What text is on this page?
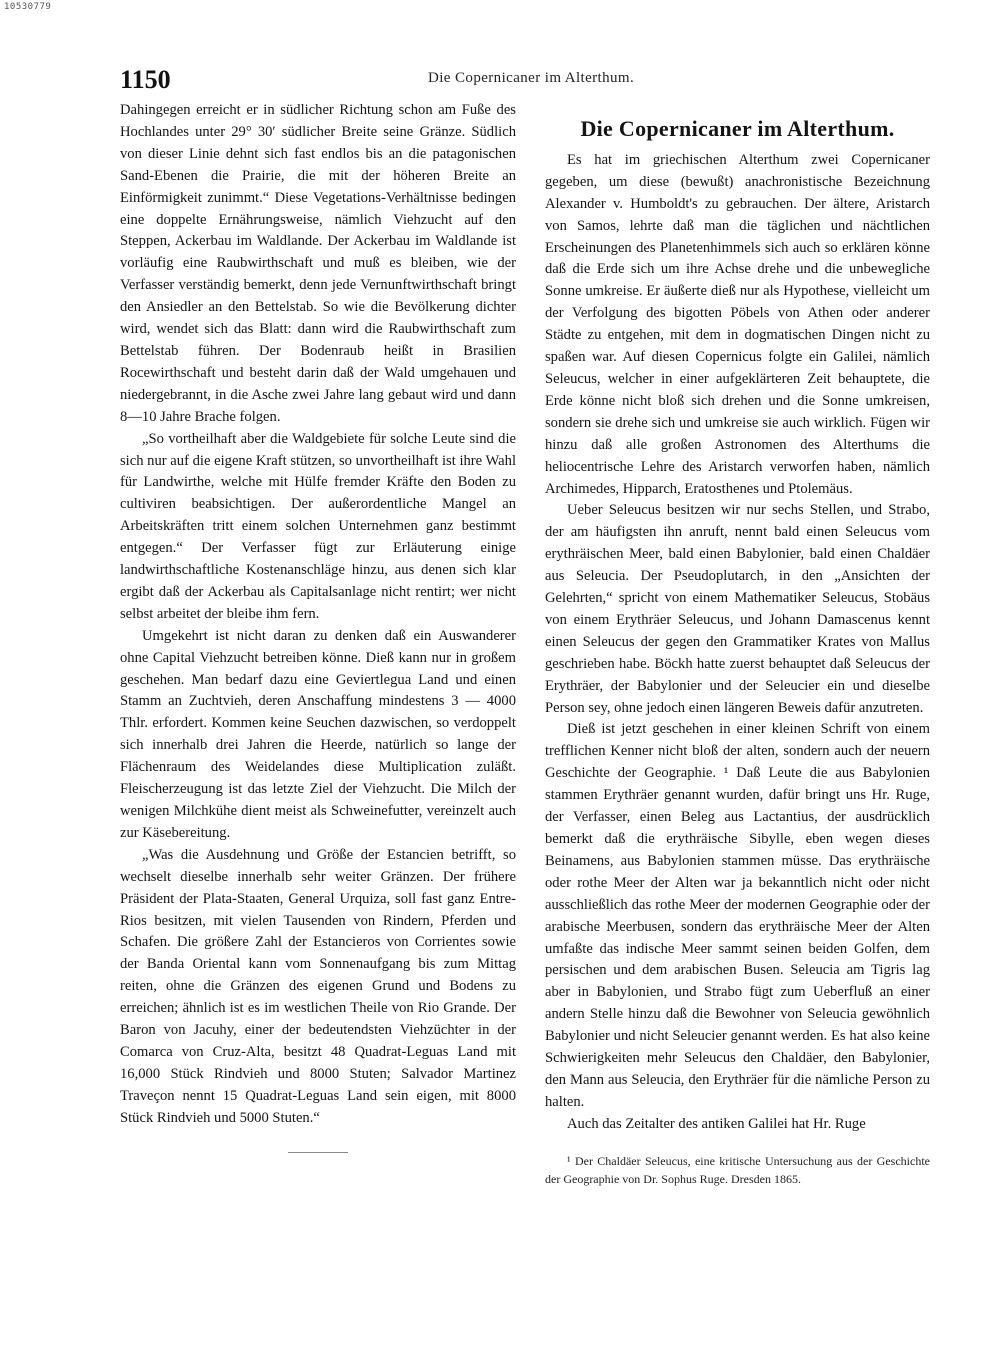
10530779
1150	Die Copernicaner im Alterthum.

Dahingegen erreicht er in südlicher Richtung schon am Fuße des Hochlandes unter 29° 30′ südlicher Breite seine Gränze. Südlich von dieser Linie dehnt sich fast endlos bis an die patagonischen Sand-Ebenen die Prairie, die mit der höheren Breite an Einförmigkeit zunimmt.“ Diese Vegetations-Verhältnisse bedingen eine doppelte Ernährungsweise, nämlich Viehzucht auf den Steppen, Ackerbau im Waldlande. Der Ackerbau im Waldlande ist vorläufig eine Raubwirthschaft und muß es bleiben, wie der Verfasser verständig bemerkt, denn jede Vernunftwirthschaft bringt den Ansiedler an den Bettelstab. So wie die Bevölkerung dichter wird, wendet sich das Blatt: dann wird die Raubwirthschaft zum Bettelstab führen. Der Bodenraub heißt in Brasilien Rocewirthschaft und besteht darin daß der Wald umgehauen und niedergebrannt, in die Asche zwei Jahre lang gebaut wird und dann 8—10 Jahre Brache folgen.

„So vortheilhaft aber die Waldgebiete für solche Leute sind die sich nur auf die eigene Kraft stützen, so unvortheilhaft ist ihre Wahl für Landwirthe, welche mit Hülfe fremder Kräfte den Boden zu cultiviren beabsichtigen. Der außerordentliche Mangel an Arbeitskräften tritt einem solchen Unternehmen ganz bestimmt entgegen.“ Der Verfasser fügt zur Erläuterung einige landwirthschaftliche Kostenanschläge hinzu, aus denen sich klar ergibt daß der Ackerbau als Capitalsanlage nicht rentirt; wer nicht selbst arbeitet der bleibe ihm fern.

Umgekehrt ist nicht daran zu denken daß ein Auswanderer ohne Capital Viehzucht betreiben könne. Dieß kann nur in großem geschehen. Man bedarf dazu eine Geviertlegua Land und einen Stamm an Zuchtvieh, deren Anschaffung mindestens 3 — 4000 Thlr. erfordert. Kommen keine Seuchen dazwischen, so verdoppelt sich innerhalb drei Jahren die Heerde, natürlich so lange der Flächenraum des Weidelandes diese Multiplication zuläßt. Fleischerzeugung ist das letzte Ziel der Viehzucht. Die Milch der wenigen Milchkühe dient meist als Schweinefutter, vereinzelt auch zur Käsebereitung.

„Was die Ausdehnung und Größe der Estancien betrifft, so wechselt dieselbe innerhalb sehr weiter Gränzen. Der frühere Präsident der Plata-Staaten, General Urquiza, soll fast ganz Entre-Rios besitzen, mit vielen Tausenden von Rindern, Pferden und Schafen. Die größere Zahl der Estancieros von Corrientes sowie der Banda Oriental kann vom Sonnenaufgang bis zum Mittag reiten, ohne die Gränzen des eigenen Grund und Bodens zu erreichen; ähnlich ist es im westlichen Theile von Rio Grande. Der Baron von Jacuhy, einer der bedeutendsten Viehzüchter in der Comarca von Cruz-Alta, besitzt 48 Quadrat-Leguas Land mit 16,000 Stück Rindvieh und 8000 Stuten; Salvador Martinez Traveçon nennt 15 Quadrat-Leguas Land sein eigen, mit 8000 Stück Rindvieh und 5000 Stuten.“

Die Copernicaner im Alterthum.

Es hat im griechischen Alterthum zwei Copernicaner gegeben, um diese (bewußt) anachronistische Bezeichnung Alexander v. Humboldt's zu gebrauchen. Der ältere, Aristarch von Samos, lehrte daß man die täglichen und nächtlichen Erscheinungen des Planetenhimmels sich auch so erklären könne daß die Erde sich um ihre Achse drehe und die unbewegliche Sonne umkreise. Er äußerte dieß nur als Hypothese, vielleicht um der Verfolgung des bigotten Pöbels von Athen oder anderer Städte zu entgehen, mit dem in dogmatischen Dingen nicht zu spaßen war. Auf diesen Copernicus folgte ein Galilei, nämlich Seleucus, welcher in einer aufgeklärteren Zeit behauptete, die Erde könne nicht bloß sich drehen und die Sonne umkreisen, sondern sie drehe sich und umkreise sie auch wirklich. Fügen wir hinzu daß alle großen Astronomen des Alterthums die heliocentrische Lehre des Aristarch verworfen haben, nämlich Archimedes, Hipparch, Eratosthenes und Ptolemäus.

Ueber Seleucus besitzen wir nur sechs Stellen, und Strabo, der am häufigsten ihn anruft, nennt bald einen Seleucus vom erythräischen Meer, bald einen Babylonier, bald einen Chaldäer aus Seleucia. Der Pseudoplutarch, in den „Ansichten der Gelehrten,“ spricht von einem Mathematiker Seleucus, Stobäus von einem Erythräer Seleucus, und Johann Damascenus kennt einen Seleucus der gegen den Grammatiker Krates von Mallus geschrieben habe. Böckh hatte zuerst behauptet daß Seleucus der Erythräer, der Babylonier und der Seleucier ein und dieselbe Person sey, ohne jedoch einen längeren Beweis dafür anzutreten.

Dieß ist jetzt geschehen in einer kleinen Schrift von einem trefflichen Kenner nicht bloß der alten, sondern auch der neuern Geschichte der Geographie. ¹ Daß Leute die aus Babylonien stammen Erythräer genannt wurden, dafür bringt uns Hr. Ruge, der Verfasser, einen Beleg aus Lactantius, der ausdrücklich bemerkt daß die erythräische Sibylle, eben wegen dieses Beinamens, aus Babylonien stammen müsse. Das erythräische oder rothe Meer der Alten war ja bekanntlich nicht oder nicht ausschließlich das rothe Meer der modernen Geographie oder der arabische Meerbusen, sondern das erythräische Meer der Alten umfaßte das indische Meer sammt seinen beiden Golfen, dem persischen und dem arabischen Busen. Seleucia am Tigris lag aber in Babylonien, und Strabo fügt zum Ueberfluß an einer andern Stelle hinzu daß die Bewohner von Seleucia gewöhnlich Babylonier und nicht Seleucier genannt werden. Es hat also keine Schwierigkeiten mehr Seleucus den Chaldäer, den Babylonier, den Mann aus Seleucia, den Erythräer für die nämliche Person zu halten.

Auch das Zeitalter des antiken Galilei hat Hr. Ruge

¹ Der Chaldäer Seleucus, eine kritische Untersuchung aus der Geschichte der Geographie von Dr. Sophus Ruge. Dresden 1865.
